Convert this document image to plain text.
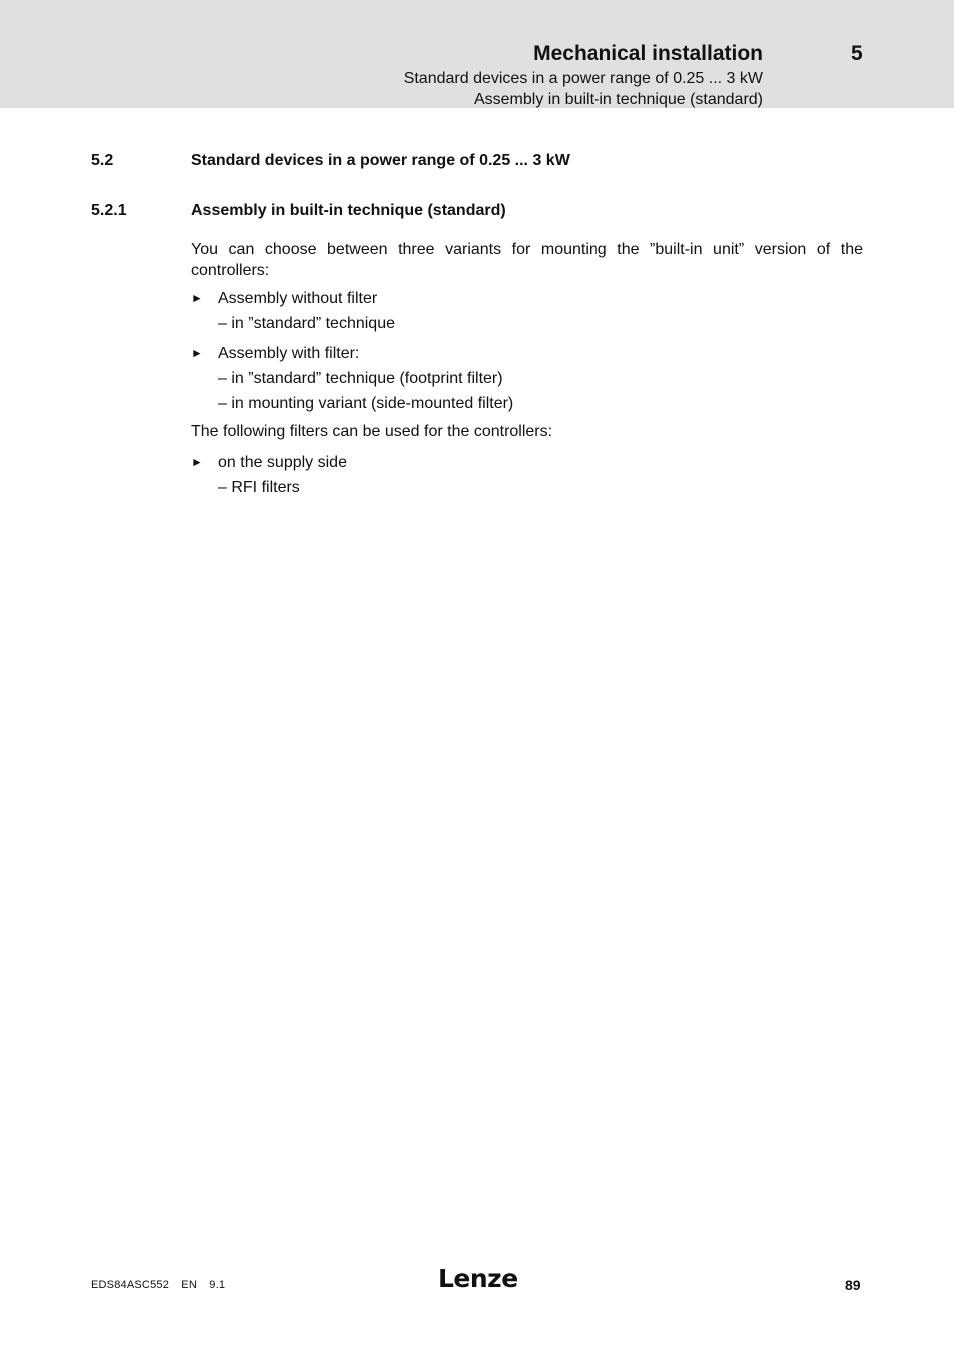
Mechanical installation
Standard devices in a power range of 0.25 ... 3 kW
Assembly in built-in technique (standard)
5
5.2	Standard devices in a power range of 0.25 ... 3 kW
5.2.1	Assembly in built-in technique (standard)

You can choose between three variants for mounting the ”built-in unit” version of the controllers:

► Assembly without filter
– in ”standard” technique
► Assembly with filter:
– in ”standard” technique (footprint filter)
– in mounting variant (side-mounted filter)

The following filters can be used for the controllers:

► on the supply side
– RFI filters
EDS84ASC552 EN 9.1	Lenze	89
